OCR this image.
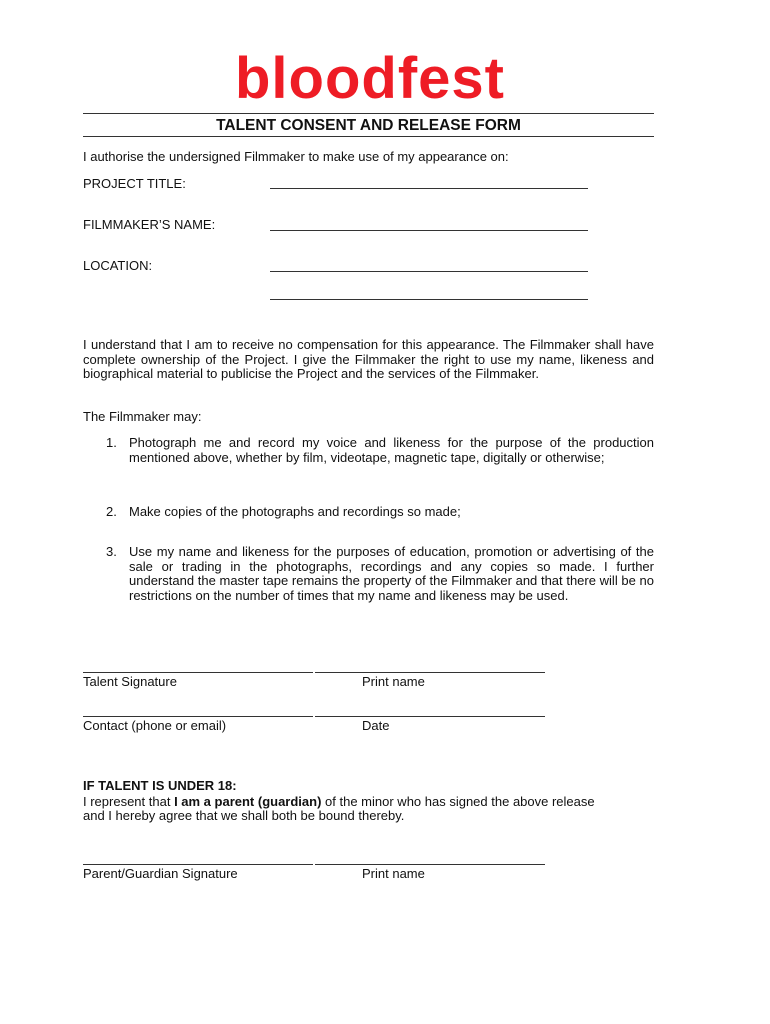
bloodfest
TALENT CONSENT AND RELEASE FORM
I authorise the undersigned Filmmaker to make use of my appearance on:
PROJECT TITLE:
FILMMAKER’S NAME:
LOCATION:
I understand that I am to receive no compensation for this appearance. The Filmmaker shall have complete ownership of the Project. I give the Filmmaker the right to use my name, likeness and biographical material to publicise the Project and the services of the Filmmaker.
The Filmmaker may:
1. Photograph me and record my voice and likeness for the purpose of the production mentioned above, whether by film, videotape, magnetic tape, digitally or otherwise;
2. Make copies of the photographs and recordings so made;
3. Use my name and likeness for the purposes of education, promotion or advertising of the sale or trading in the photographs, recordings and any copies so made. I further understand the master tape remains the property of the Filmmaker and that there will be no restrictions on the number of times that my name and likeness may be used.
Talent Signature	Print name
Contact (phone or email)	Date
IF TALENT IS UNDER 18:
I represent that I am a parent (guardian) of the minor who has signed the above release
and I hereby agree that we shall both be bound thereby.
Parent/Guardian Signature	Print name
